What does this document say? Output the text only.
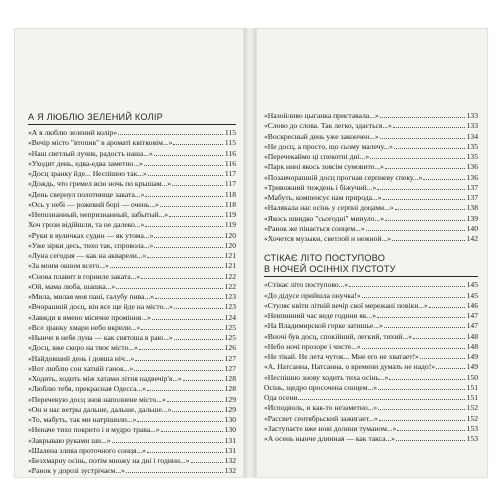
А Я ЛЮБЛЮ ЗЕЛЕНИЙ КОЛІР
«А я люблю зелений колір»	115
«Вечір місто "втопив" в ароматі квітковім...»	115
«Наш светлый лучик, радость наша...»	116
«Уходит день, едва-едва заметно...»	116
«Досц зранку йде... Неспішно так...»	117
«Дождь, что гремел всю ночь по крышам...»	117
«День свернул полотнище заката...»	118
«Ось у небі — рожевий борі — очень...»	118
«Непознанный, непризнанный, забытый...»	119
Хоч грози відійшли, та не далеко...»	119
«Руки в вуличках судин — як утома...»	120
«Уже зірки десь, тихо так, спровола...»	120
«Луна сегодня — как на акварели...»	121
«За моим окном всего...»	121
«Снова плавит в горниле заката...»	122
«Ой, мама люба, шашка...»	122
«Мила, милая моя пані, галубу пива...»	123
«Вчорашній досц, він все ще йде на місто...»	123
«Завжди в ямено місячне проміння...»	124
«Все зранку хмари небо вкрили...»	125
«Нынче в небе луна — как святоша в раю...»	125
«Досц, вже скоро на твоє місто...»	126
«Найдовший день і довша ніч...»	127
«Вот люблю сон хатній ганок...»	127
«Ходить, ходить між хатами літня надвечір'я...»	128
«Люблю тебя, прекрасная Одесса...»	128
«Перечекую досц знов наполнене місто...»	129
«Он и нас ветры дальше, дальше, дальше...»	129
«То, мабуть, так ми натрішили...»	130
«Неначе тихо покрито і я мудро трава...»	130
«Закрываю руками ши...»	131
«Шалена злива проточного сонця...»	131
«Безхмарну осінь, потім множу на дні і години...»	132
«Ранок у дорозі зустрічаєм...»	132
«Назойливо цыганка приставала...»	133
«Слово до слова. Так легко, здається...»	133
«Воскресный день уже закончен...»	134
«Не досц, а просто, що сьому малечу...»	135
«Перечекаймо ці спекотні дні...»	135
«Парк нині якось зовсім сумовито...»	136
«Позавчорашній досц прогнав серпневу спеку...»	136
«Тривожний тиждень і бiжучий...»	137
«Мабуть, компенсує нам природа...»	137
«Налякала нас осінь у серпні доцами...»	138
«Якось швидко "сьогодні" минуло...»	139
«Ранок же пінається сонцем...»	140
«Хочется музыки, светлой и нежной...»	142
СТІКАЄ ЛІТО ПОСТУПОВО
В НОЧЕЙ ОСІННІХ ПУСТОТУ
«Стікає літо поступово...»	145
«До дідусе прийшла онучка!»	145
«Стуляє квіти літній вечір свої мережані повіки...»	146
«Невпинний час веде години як...»	147
«На Владимирской горке затишье...»	147
«Вночі був досц, спокійний, легкий, тихий...»	148
«Небо ночі прозоре і чисте...»	148
«Не тікай. Не лета чуток... Мне его не хватает!»	149
«А, Натсанна, Натсанна, о времени думать не надо!»	149
«Неспішно знову ходить тиха осінь...»	150
Осінь, щедро просочена сонцем...»	151
Ода осени	151
«Исподволь, и как-то незаметно...»	152
«Рассвет сентябрьский зажигает...»	152
«Заступаєте вже нові долини туманом...»	153
«А осень нынче длинная — как такса...»	153
